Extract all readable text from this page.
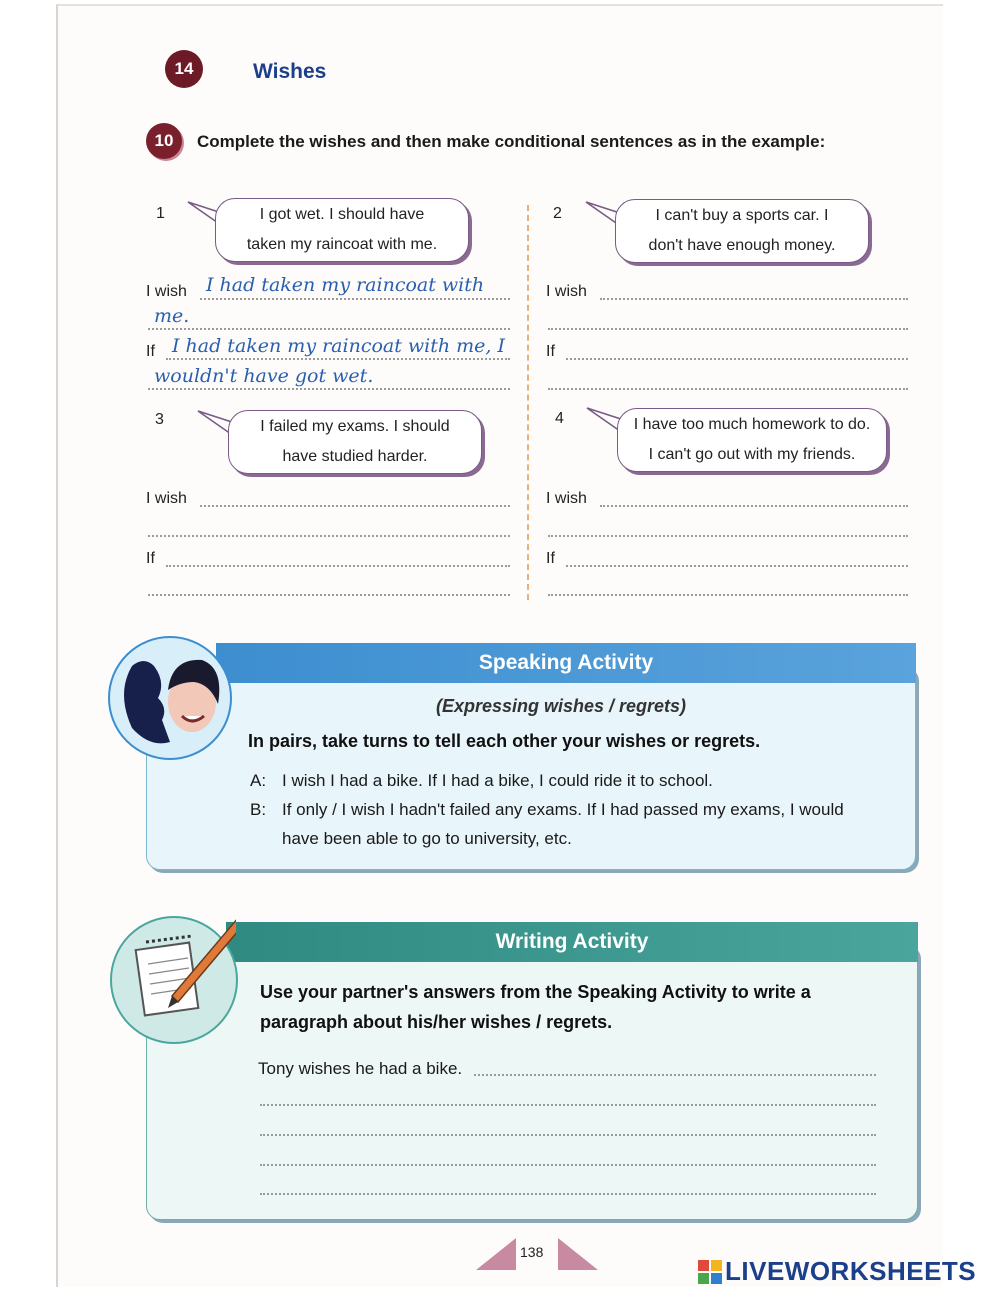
14	Wishes
10	Complete the wishes and then make conditional sentences as in the example:
1	I got wet. I should have
taken my raincoat with me.
I wish I had taken my raincoat with
me.
If I had taken my raincoat with me, I
wouldn't have got wet.
2	I can't buy a sports car. I
don't have enough money.
I wish
If
3	I failed my exams. I should
have studied harder.
I wish
If
4	I have too much homework to do.
I can't go out with my friends.
I wish
If
Speaking Activity
(Expressing wishes / regrets)
In pairs, take turns to tell each other your wishes or regrets.
A: I wish I had a bike. If I had a bike, I could ride it to school.
B: If only / I wish I hadn't failed any exams. If I had passed my exams, I would
have been able to go to university, etc.
Writing Activity
Use your partner's answers from the Speaking Activity to write a
paragraph about his/her wishes / regrets.
Tony wishes he had a bike.
138
LIVEWORKSHEETS
